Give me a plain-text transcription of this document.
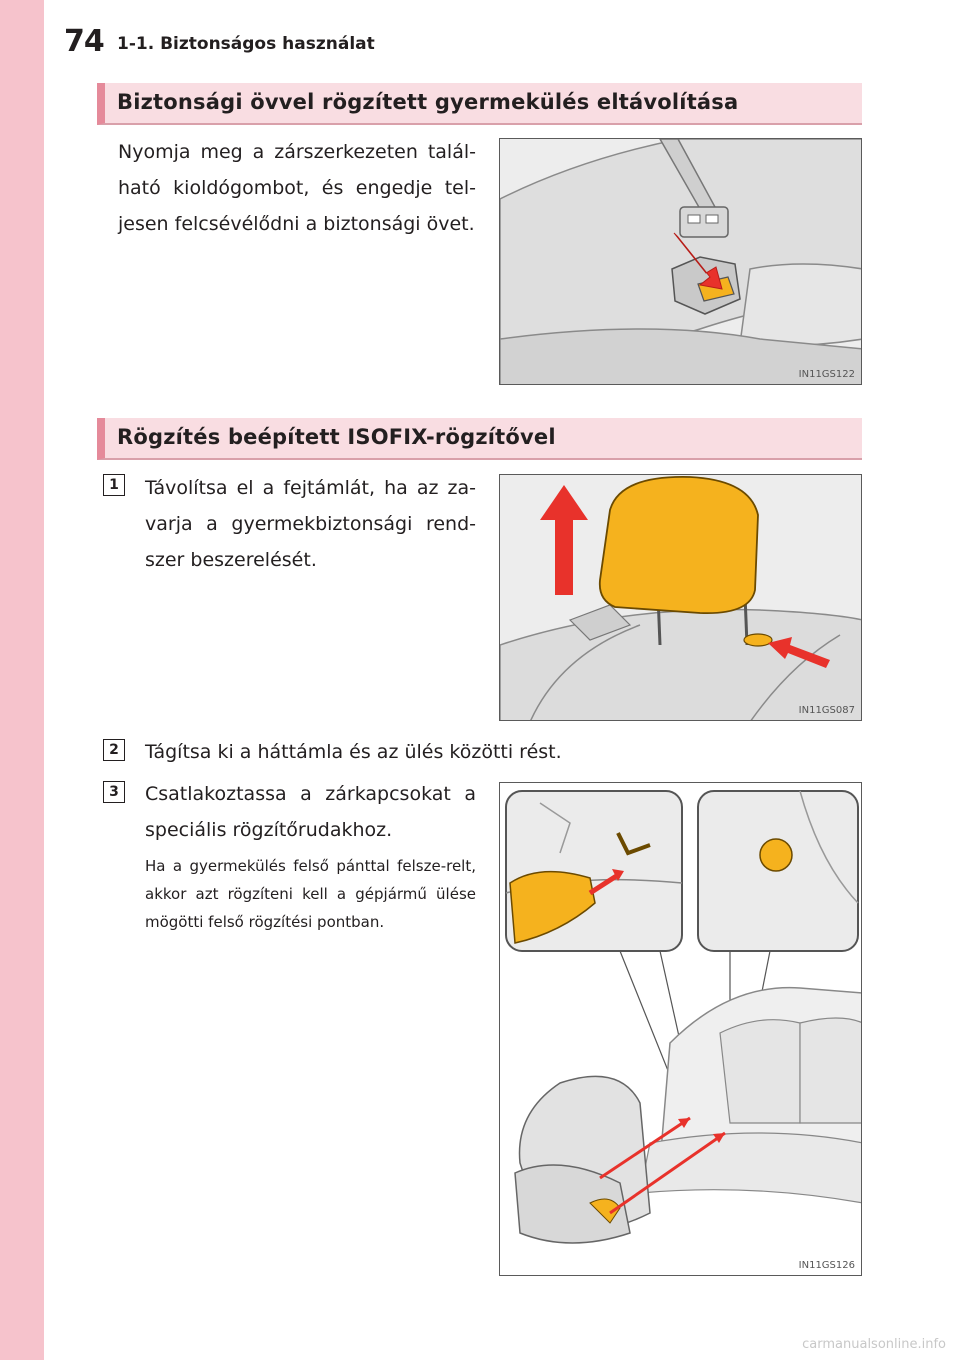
74 1-1. Biztonságos használat
Biztonsági övvel rögzített gyermekülés eltávolítása
Nyomja meg a zárszerkezeten talál-ható kioldógombot, és engedje tel-jesen felcsévélődni a biztonsági övet.
IN11GS122
Rögzítés beépített ISOFIX-rögzítővel
1	Távolítsa el a fejtámlát, ha az za-varja a gyermekbiztonsági rend-szer beszerelését.
IN11GS087
2	Tágítsa ki a háttámla és az ülés közötti rést.
3	Csatlakoztassa a zárkapcsokat a speciális rögzítőrudakhoz.
Ha a gyermekülés felső pánttal felsze-relt, akkor azt rögzíteni kell a gépjármű ülése mögötti felső rögzítési pontban.
IN11GS126
carmanualsonline.info
